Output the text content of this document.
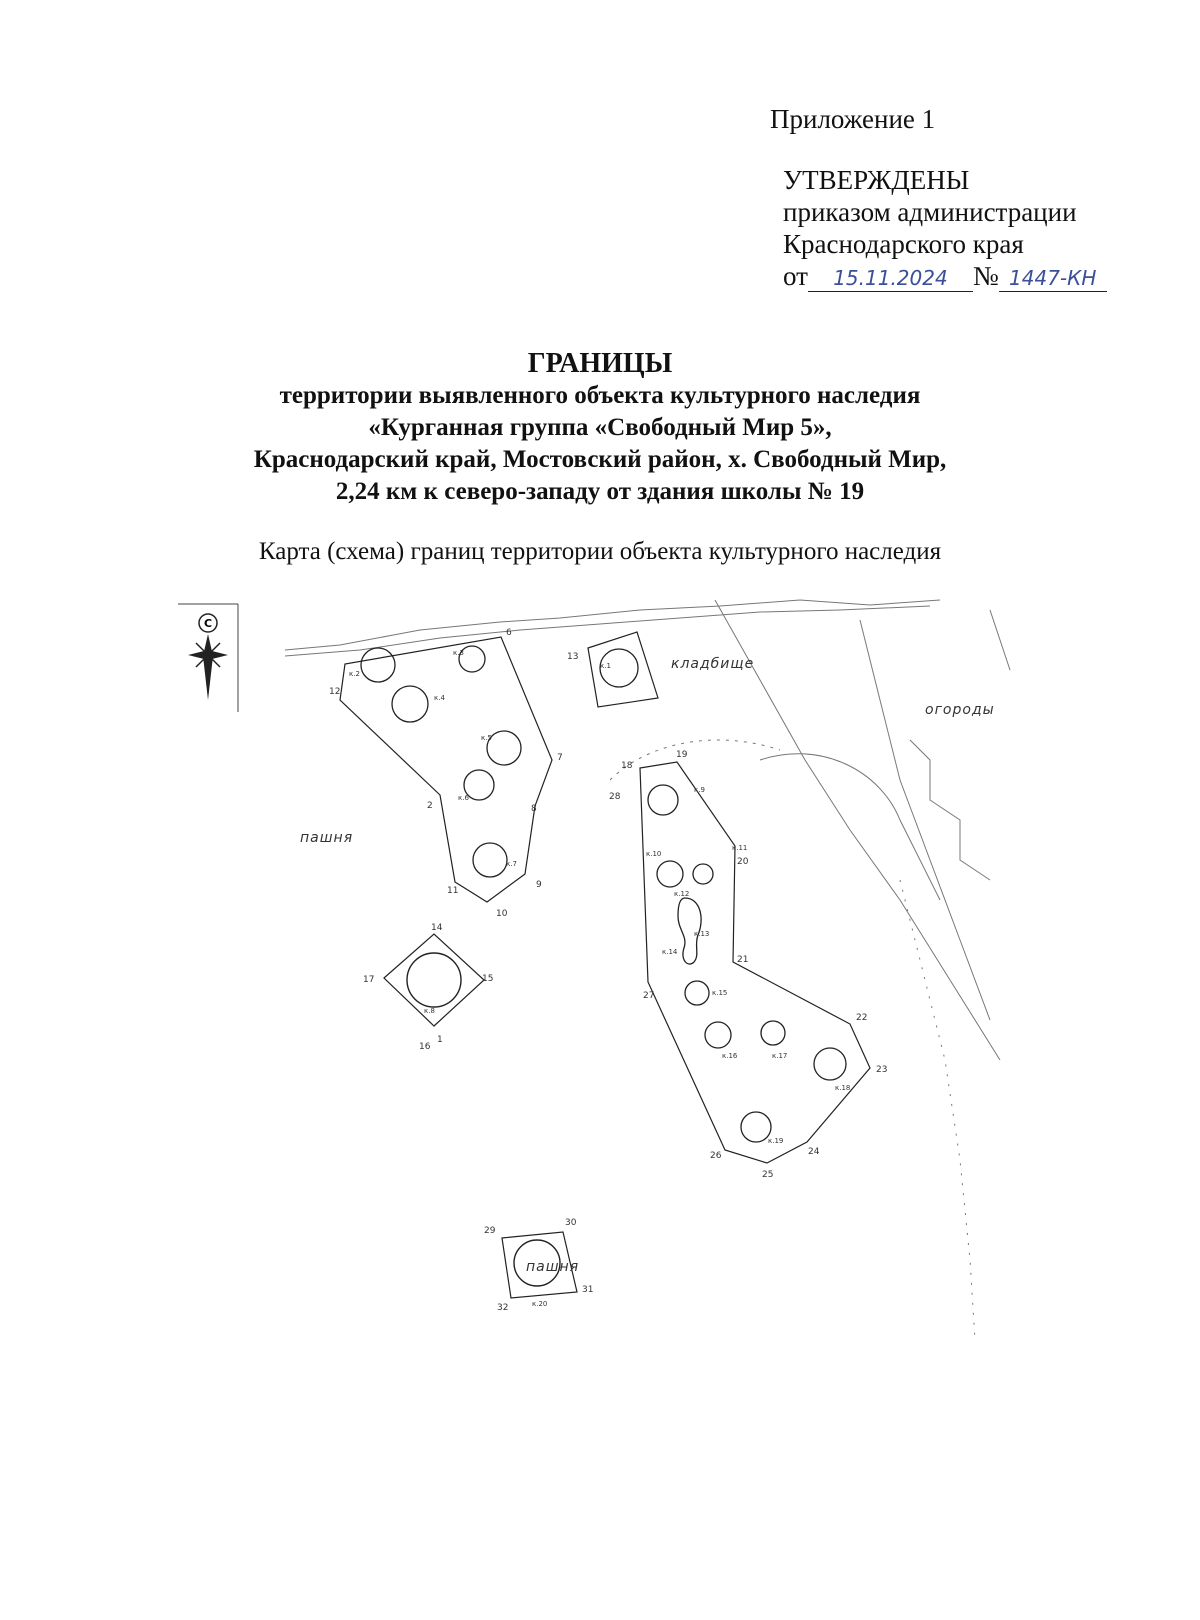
Приложение 1
УТВЕРЖДЕНЫ
приказом администрации
Краснодарского края
от 15.11.2024 № 1447-КН
ГРАНИЦЫ
территории выявленного объекта культурного наследия
«Курганная группа «Свободный Мир 5»,
Краснодарский край, Мостовский район, х. Свободный Мир,
2,24 км к северо-западу от здания школы № 19
Карта (схема) границ территории объекта культурного наследия
С
кладбище
огороды
пашня
пашня
1
2
6
7
8
9
10
11
12
13
14
15
16
17
18
19
20
21
22
23
24
25
26
27
28
29
30
31
32
к.1
к.2
к.3
к.4
к.5
к.6
к.7
к.8
к.9
к.10
к.11
к.12
к.13
к.14
к.15
к.16	к.17
к.18
к.19
к.20
